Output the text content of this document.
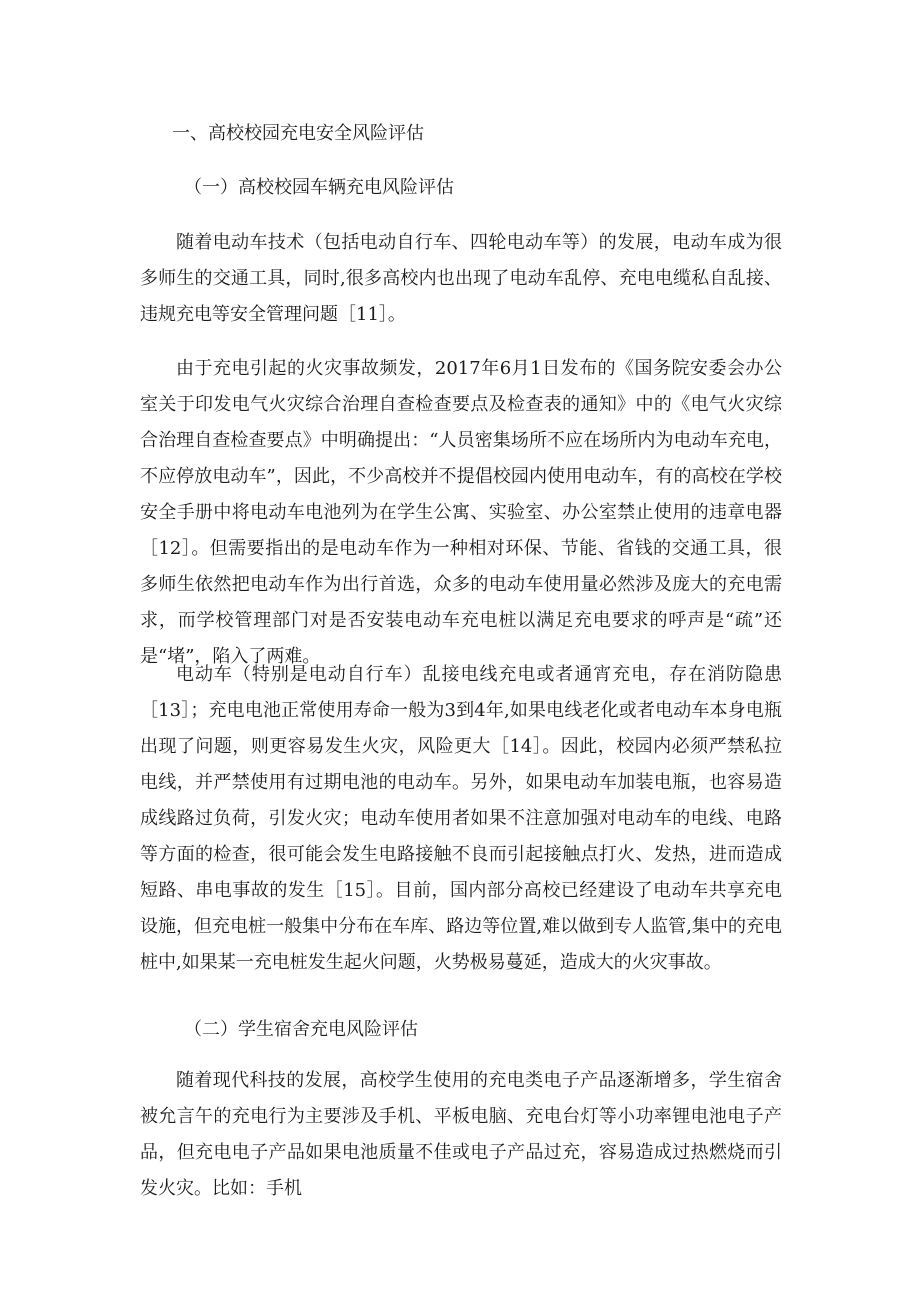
一、高校校园充电安全风险评估
（一）高校校园车辆充电风险评估

随着电动车技术（包括电动自行车、四轮电动车等）的发展，电动车成为很多师生的交通工具，同时,很多高校内也出现了电动车乱停、充电电缆私自乱接、违规充电等安全管理问题［11］。

由于充电引起的火灾事故频发，2017年6月1日发布的《国务院安委会办公室关于印发电气火灾综合治理自查检查要点及检查表的通知》中的《电气火灾综合治理自查检查要点》中明确提出：“人员密集场所不应在场所内为电动车充电，不应停放电动车”，因此，不少高校并不提倡校园内使用电动车，有的高校在学校安全手册中将电动车电池列为在学生公寓、实验室、办公室禁止使用的违章电器［12］。但需要指出的是电动车作为一种相对环保、节能、省钱的交通工具，很多师生依然把电动车作为出行首选，众多的电动车使用量必然涉及庞大的充电需求，而学校管理部门对是否安装电动车充电桩以满足充电要求的呼声是“疏”还是“堵”，陷入了两难。

电动车（特别是电动自行车）乱接电线充电或者通宵充电，存在消防隐患［13］；充电电池正常使用寿命一般为3到4年,如果电线老化或者电动车本身电瓶出现了问题，则更容易发生火灾，风险更大［14］。因此，校园内必须严禁私拉电线，并严禁使用有过期电池的电动车。另外，如果电动车加装电瓶，也容易造成线路过负荷，引发火灾；电动车使用者如果不注意加强对电动车的电线、电路等方面的检查，很可能会发生电路接触不良而引起接触点打火、发热，进而造成短路、串电事故的发生［15］。目前，国内部分高校已经建设了电动车共享充电设施，但充电桩一般集中分布在车库、路边等位置,难以做到专人监管,集中的充电桩中,如果某一充电桩发生起火问题，火势极易蔓延，造成大的火灾事故。

（二）学生宿舍充电风险评估

随着现代科技的发展，高校学生使用的充电类电子产品逐渐增多，学生宿舍被允言午的充电行为主要涉及手机、平板电脑、充电台灯等小功率锂电池电子产品，但充电电子产品如果电池质量不佳或电子产品过充，容易造成过热燃烧而引发火灾。比如：手机
